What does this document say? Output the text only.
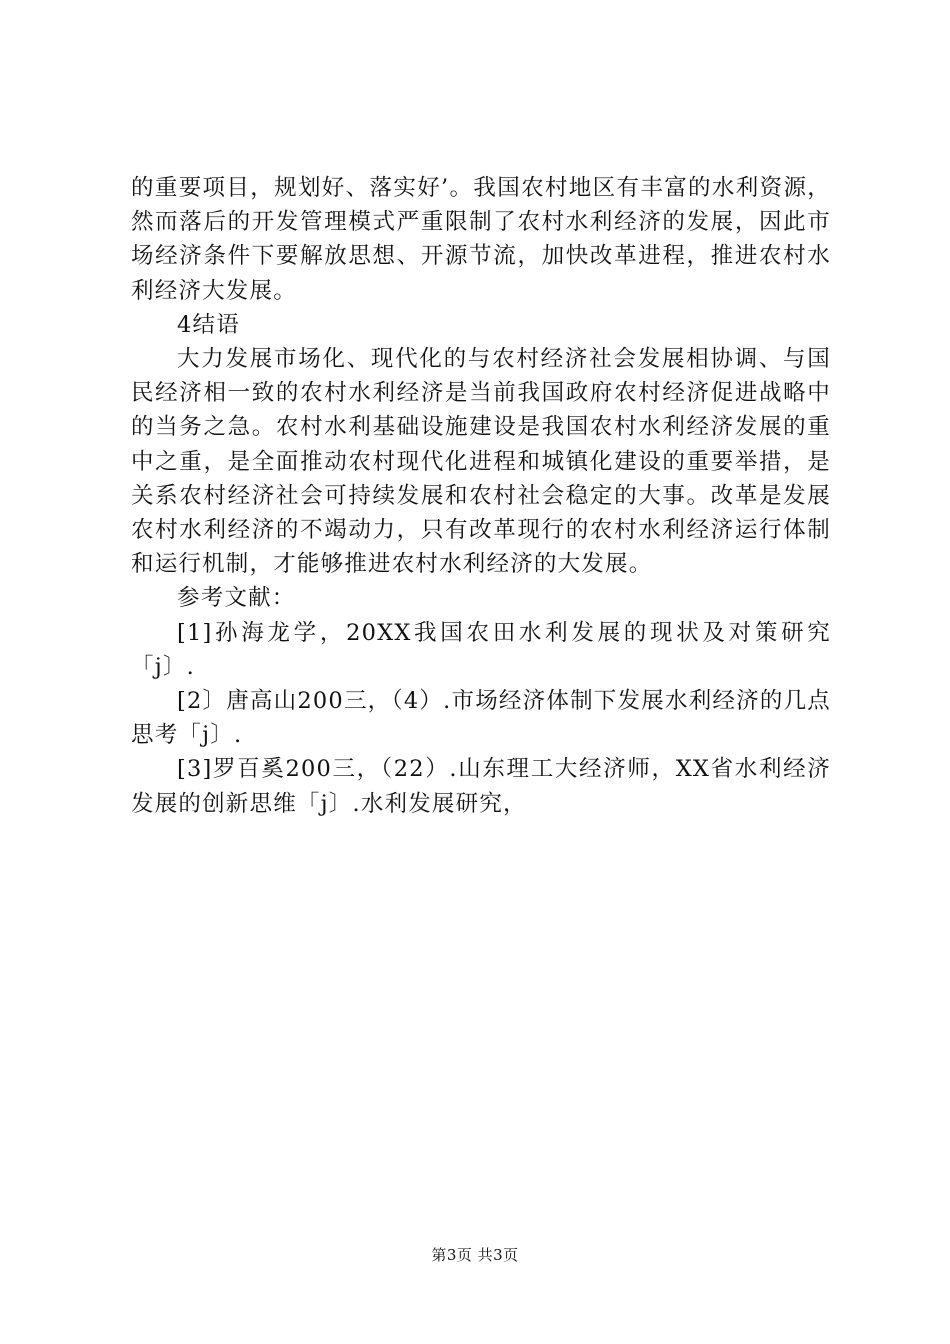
的重要项目，规划好、落实好’。我国农村地区有丰富的水利资源，然而落后的开发管理模式严重限制了农村水利经济的发展，因此市场经济条件下要解放思想、开源节流，加快改革进程，推进农村水利经济大发展。

4结语

大力发展市场化、现代化的与农村经济社会发展相协调、与国民经济相一致的农村水利经济是当前我国政府农村经济促进战略中的当务之急。农村水利基础设施建设是我国农村水利经济发展的重中之重，是全面推动农村现代化进程和城镇化建设的重要举措，是关系农村经济社会可持续发展和农村社会稳定的大事。改革是发展农村水利经济的不竭动力，只有改革现行的农村水利经济运行体制和运行机制，才能够推进农村水利经济的大发展。

参考文献：

[1]孙海龙学，20XX我国农田水利发展的现状及对策研究「j〕.

[2〕唐高山200三，（4）.市场经济体制下发展水利经济的几点思考「j〕.

[3]罗百奚200三，（22）.山东理工大经济师，XX省水利经济发展的创新思维「j〕.水利发展研究，

第3页 共3页
